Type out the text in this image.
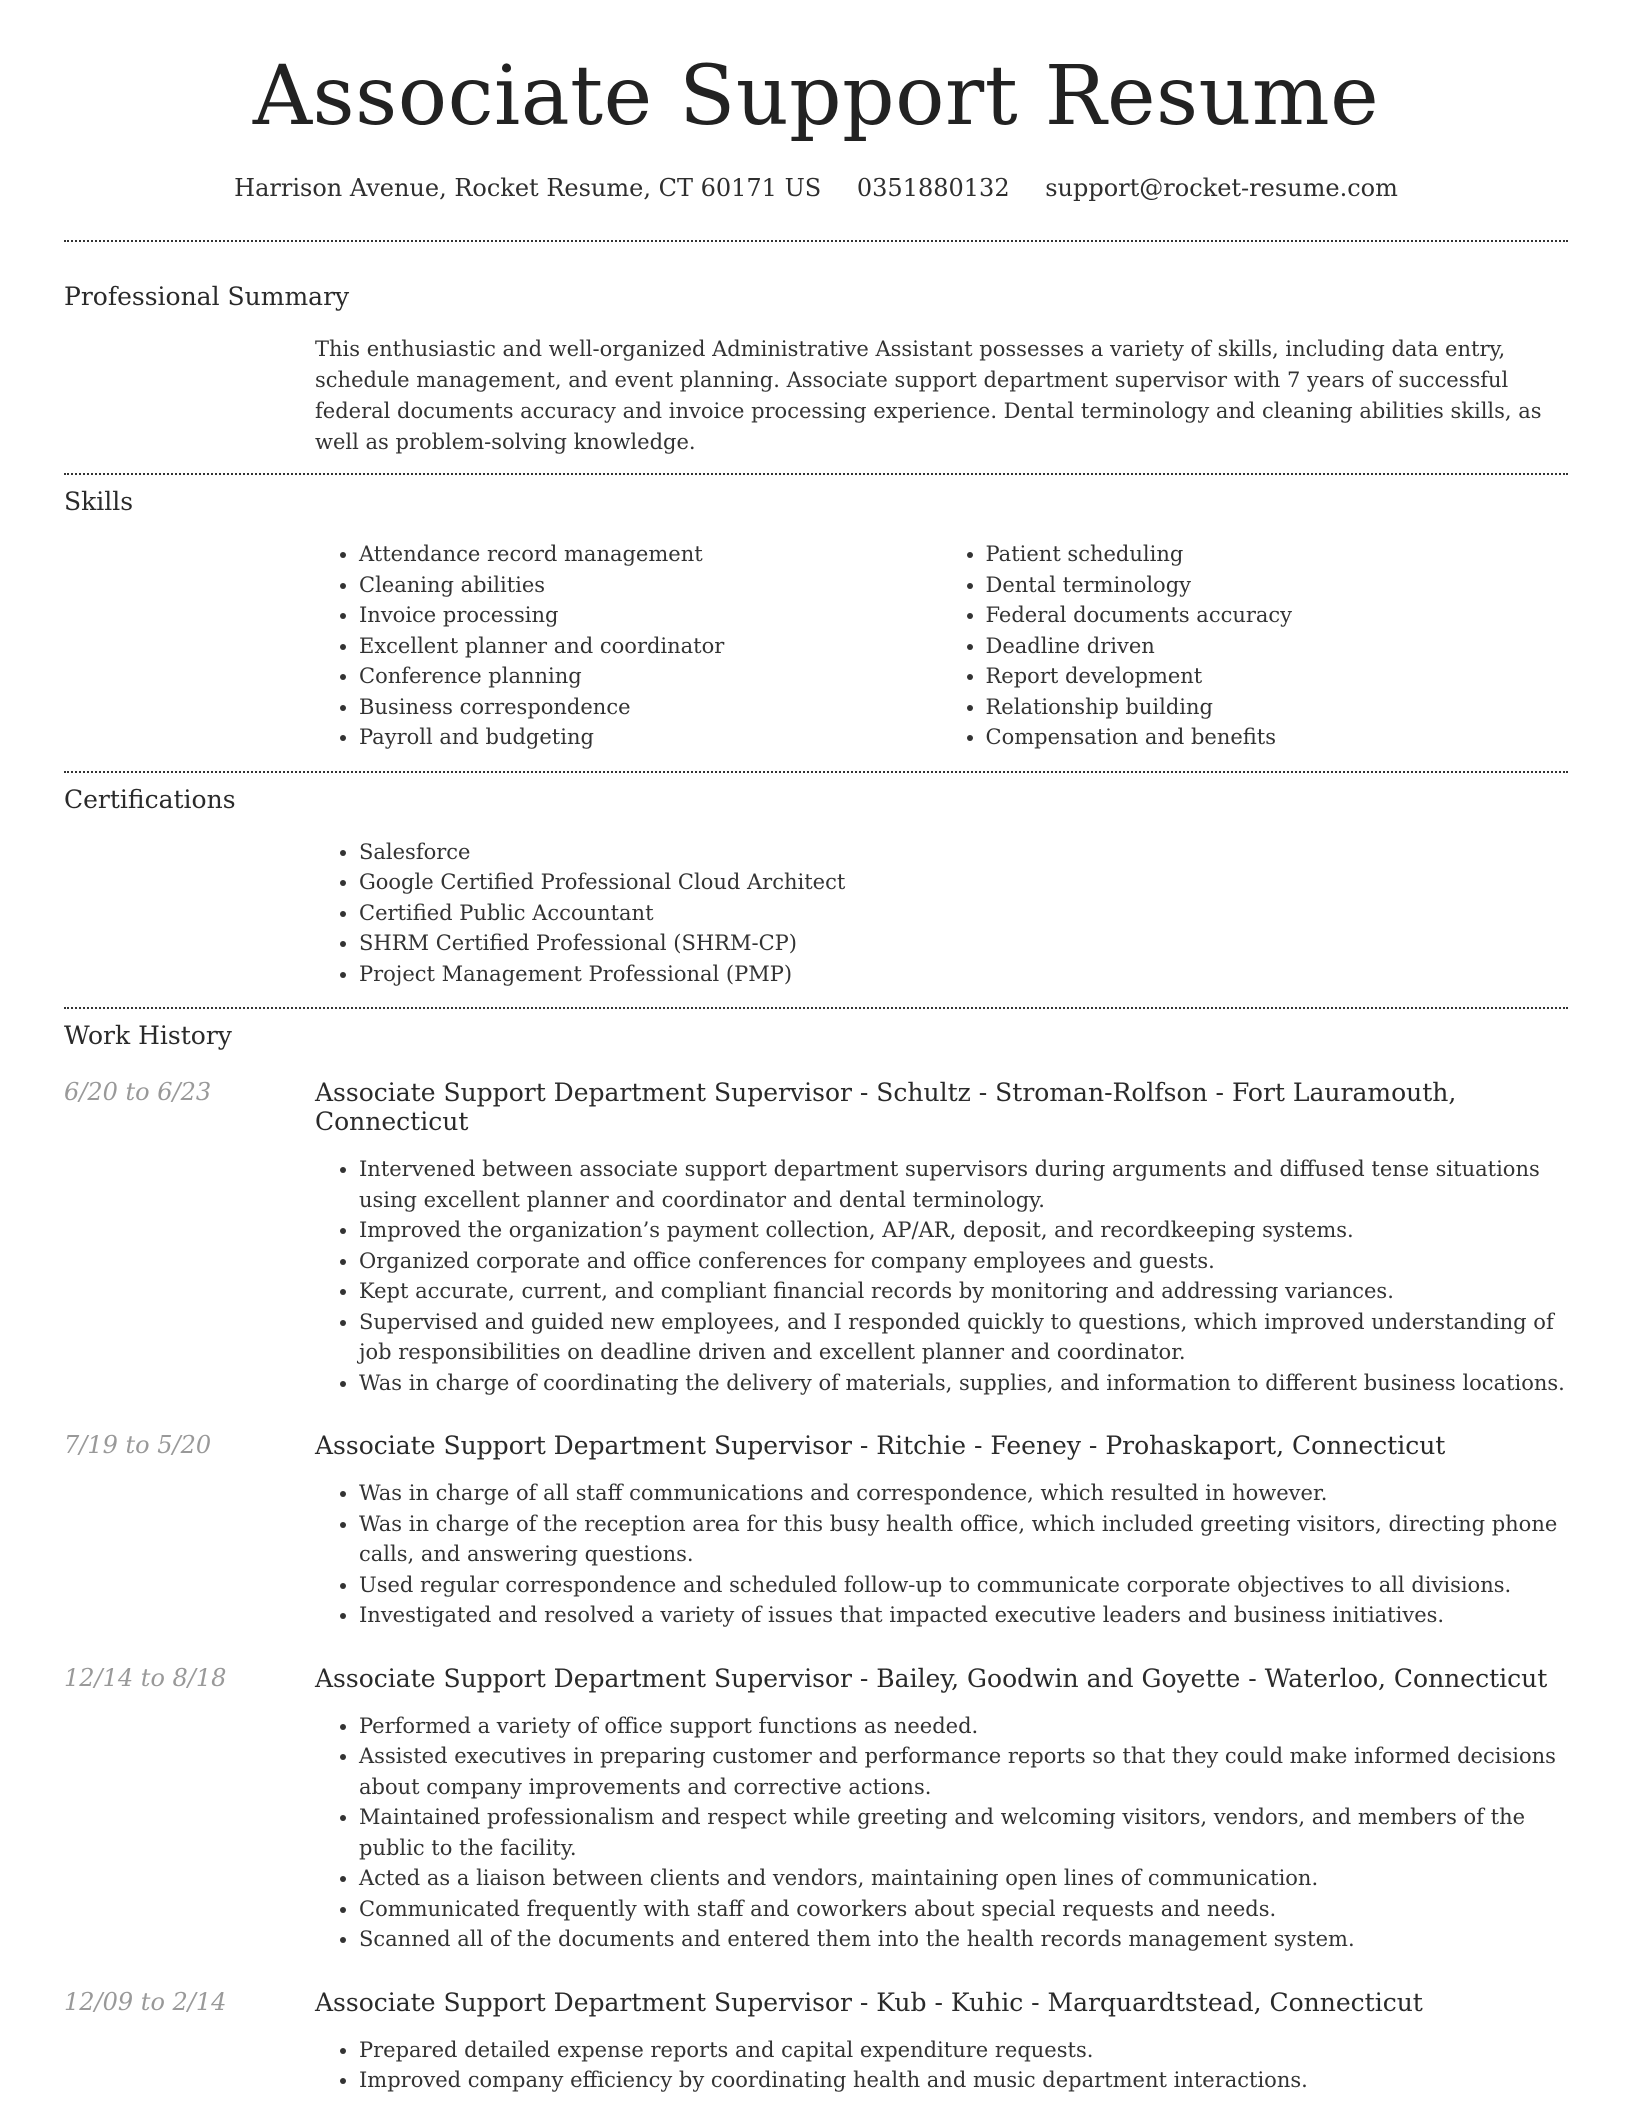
Associate Support Resume
Harrison Avenue, Rocket Resume, CT 60171 US 0351880132 support@rocket-resume.com
Professional Summary
This enthusiastic and well-organized Administrative Assistant possesses a variety of skills, including data entry, schedule management, and event planning. Associate support department supervisor with 7 years of successful federal documents accuracy and invoice processing experience. Dental terminology and cleaning abilities skills, as well as problem-solving knowledge.
Skills
• Attendance record management
• Cleaning abilities
• Invoice processing
• Excellent planner and coordinator
• Conference planning
• Business correspondence
• Payroll and budgeting
• Patient scheduling
• Dental terminology
• Federal documents accuracy
• Deadline driven
• Report development
• Relationship building
• Compensation and benefits
Certifications
• Salesforce
• Google Certified Professional Cloud Architect
• Certified Public Accountant
• SHRM Certified Professional (SHRM-CP)
• Project Management Professional (PMP)
Work History
6/20 to 6/23	Associate Support Department Supervisor - Schultz - Stroman-Rolfson - Fort Lauramouth, Connecticut
• Intervened between associate support department supervisors during arguments and diffused tense situations using excellent planner and coordinator and dental terminology.
• Improved the organization’s payment collection, AP/AR, deposit, and recordkeeping systems.
• Organized corporate and office conferences for company employees and guests.
• Kept accurate, current, and compliant financial records by monitoring and addressing variances.
• Supervised and guided new employees, and I responded quickly to questions, which improved understanding of job responsibilities on deadline driven and excellent planner and coordinator.
• Was in charge of coordinating the delivery of materials, supplies, and information to different business locations.
7/19 to 5/20	Associate Support Department Supervisor - Ritchie - Feeney - Prohaskaport, Connecticut
• Was in charge of all staff communications and correspondence, which resulted in however.
• Was in charge of the reception area for this busy health office, which included greeting visitors, directing phone calls, and answering questions.
• Used regular correspondence and scheduled follow-up to communicate corporate objectives to all divisions.
• Investigated and resolved a variety of issues that impacted executive leaders and business initiatives.
12/14 to 8/18	Associate Support Department Supervisor - Bailey, Goodwin and Goyette - Waterloo, Connecticut
• Performed a variety of office support functions as needed.
• Assisted executives in preparing customer and performance reports so that they could make informed decisions about company improvements and corrective actions.
• Maintained professionalism and respect while greeting and welcoming visitors, vendors, and members of the public to the facility.
• Acted as a liaison between clients and vendors, maintaining open lines of communication.
• Communicated frequently with staff and coworkers about special requests and needs.
• Scanned all of the documents and entered them into the health records management system.
12/09 to 2/14	Associate Support Department Supervisor - Kub - Kuhic - Marquardtstead, Connecticut
• Prepared detailed expense reports and capital expenditure requests.
• Improved company efficiency by coordinating health and music department interactions.
